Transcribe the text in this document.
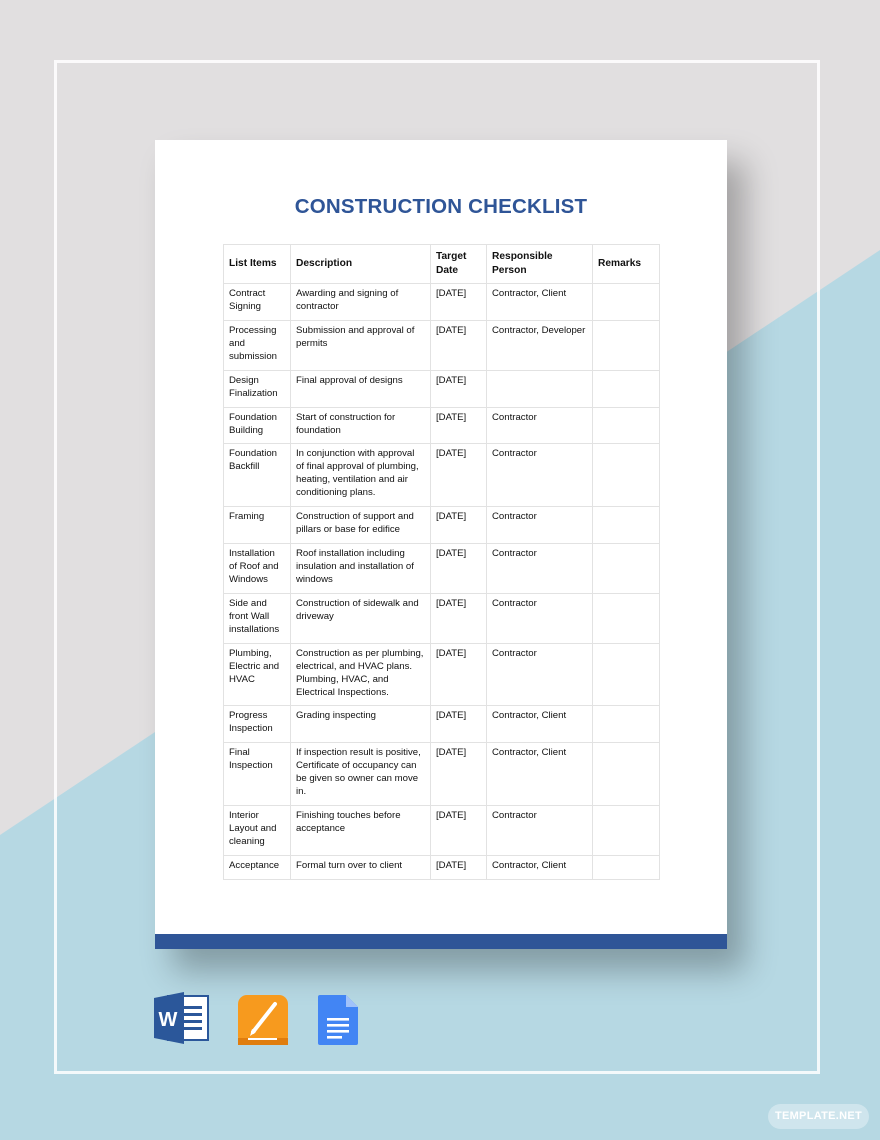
CONSTRUCTION CHECKLIST
List Items	Description	Target Date	Responsible Person	Remarks
Contract Signing	Awarding and signing of contractor	[DATE]	Contractor, Client	
Processing and submission	Submission and approval of permits	[DATE]	Contractor, Developer	
Design Finalization	Final approval of designs	[DATE]		
Foundation Building	Start of construction for foundation	[DATE]	Contractor	
Foundation Backfill	In conjunction with approval of final approval of plumbing, heating, ventilation and air conditioning plans.	[DATE]	Contractor	
Framing	Construction of support and pillars or base for edifice	[DATE]	Contractor	
Installation of Roof and Windows	Roof installation including insulation and installation of windows	[DATE]	Contractor	
Side and front Wall installations	Construction of sidewalk and driveway	[DATE]	Contractor	
Plumbing, Electric and HVAC	Construction as per plumbing, electrical, and HVAC plans. Plumbing, HVAC, and Electrical Inspections.	[DATE]	Contractor	
Progress Inspection	Grading inspecting	[DATE]	Contractor, Client	
Final Inspection	If inspection result is positive, Certificate of occupancy can be given so owner can move in.	[DATE]	Contractor, Client	
Interior Layout and cleaning	Finishing touches before acceptance	[DATE]	Contractor	
Acceptance	Formal turn over to client	[DATE]	Contractor, Client	
W
TEMPLATE.NET
